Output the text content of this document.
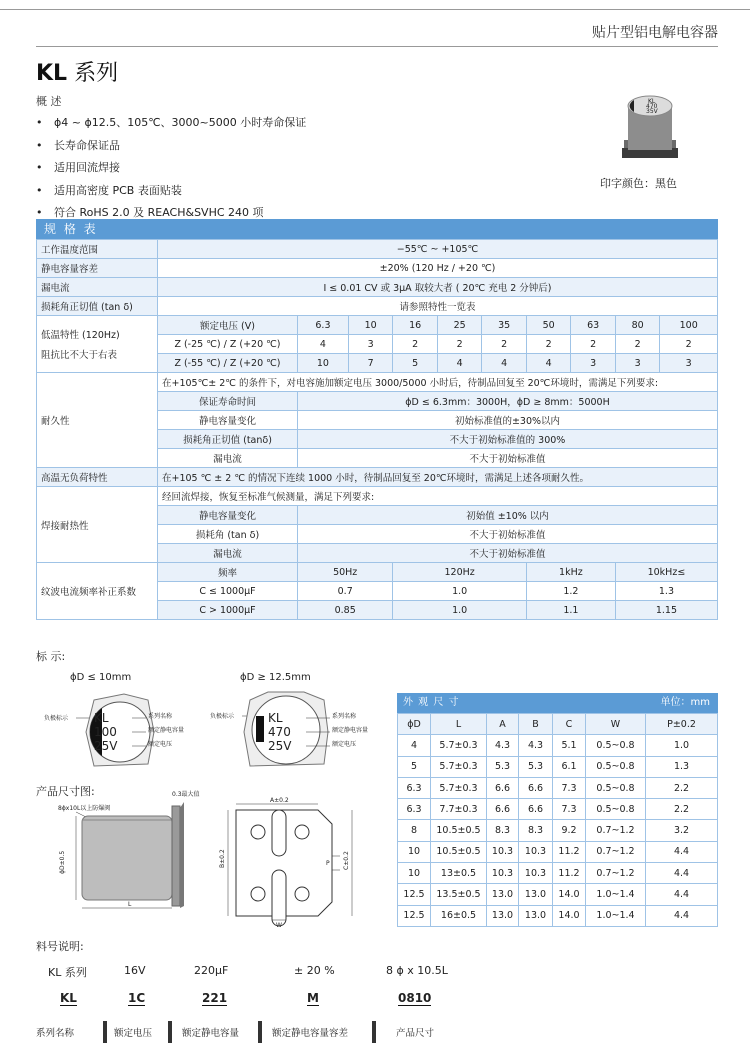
贴片型铝电解电容器
KL 系列
概 述
• ϕ4 ~ ϕ12.5、105℃、3000~5000 小时寿命保证
• 长寿命保证品
• 适用回流焊接
• 适用高密度 PCB 表面贴装
• 符合 RoHS 2.0 及 REACH&SVHC 240 项
KL
470
35V
印字颜色：黑色
规 格 表
工作温度范围	−55℃ ~ +105℃									
静电容量容差	±20% (120 Hz / +20 ℃)									
漏电流	I ≤ 0.01 CV 或 3μA 取较大者 ( 20℃ 充电 2 分钟后)									
损耗角正切值 (tan δ)	请参照特性一览表									

低温特性 (120Hz)
阻抗比不大于右表	额定电压 (V)	6.3	10	16	25	35	50	63	80	100
	Z (-25 ℃) / Z (+20 ℃)	4	3	2	2	2	2	2	2	2
	Z (-55 ℃) / Z (+20 ℃)	10	7	5	4	4	4	3	3	3
耐久性	在+105℃± 2℃ 的条件下，对电容施加额定电压 3000/5000 小时后，待制品回复至 20℃环境时，需满足下列要求:									
	保证寿命时间	ϕD ≤ 6.3mm：3000H，ϕD ≥ 8mm：5000H								
	静电容量变化	初始标准值的±30%以内								
	损耗角正切值 (tanδ)	不大于初始标准值的 300%								
	漏电流	不大于初始标准值								
高温无负荷特性	在+105 ℃ ± 2 ℃ 的情况下连续 1000 小时，待制品回复至 20℃环境时，需满足上述各项耐久性。									
焊接耐热性	经回流焊接，恢复至标准气候测量，满足下列要求:									
	静电容量变化	初始值 ±10% 以内								
	损耗角 (tan δ)	不大于初始标准值								
	漏电流	不大于初始标准值								
纹波电流频率补正系数	频率	50Hz		120Hz			1kHz		10kHz≤	
	C ≤ 1000μF	0.7		1.0			1.2		1.3	
	C > 1000μF	0.85		1.0			1.1		1.15	
标 示:
ϕD ≤ 10mm	ϕD ≥ 12.5mm
负极标示 KL
100
25V
系列名称
额定静电容量
额定电压
负极标示	KL
470
25V
系列名称
额定静电容量
额定电压
产品尺寸图:	0.3最大值
8ϕx10L以上防爆阀
ϕD±0.5
L
A±0.2
B±0.2	C±0.2
P
W
外 观 尺 寸	单位：mm
ϕD	L	A	B	C	W	P±0.2
4	5.7±0.3	4.3	4.3	5.1	0.5~0.8	1.0
5	5.7±0.3	5.3	5.3	6.1	0.5~0.8	1.3
6.3	5.7±0.3	6.6	6.6	7.3	0.5~0.8	2.2
6.3	7.7±0.3	6.6	6.6	7.3	0.5~0.8	2.2
8	10.5±0.5	8.3	8.3	9.2	0.7~1.2	3.2
10	10.5±0.5	10.3	10.3	11.2	0.7~1.2	4.4
10	13±0.5	10.3	10.3	11.2	0.7~1.2	4.4
12.5	13.5±0.5	13.0	13.0	14.0	1.0~1.4	4.4
12.5	16±0.5	13.0	13.0	14.0	1.0~1.4	4.4
料号说明:
KL 系列	16V	220μF	± 20 %	8 ϕ x 10.5L
KL	1C	221	M	0810
系列名称	额定电压	额定静电容量	额定静电容量容差	产品尺寸
